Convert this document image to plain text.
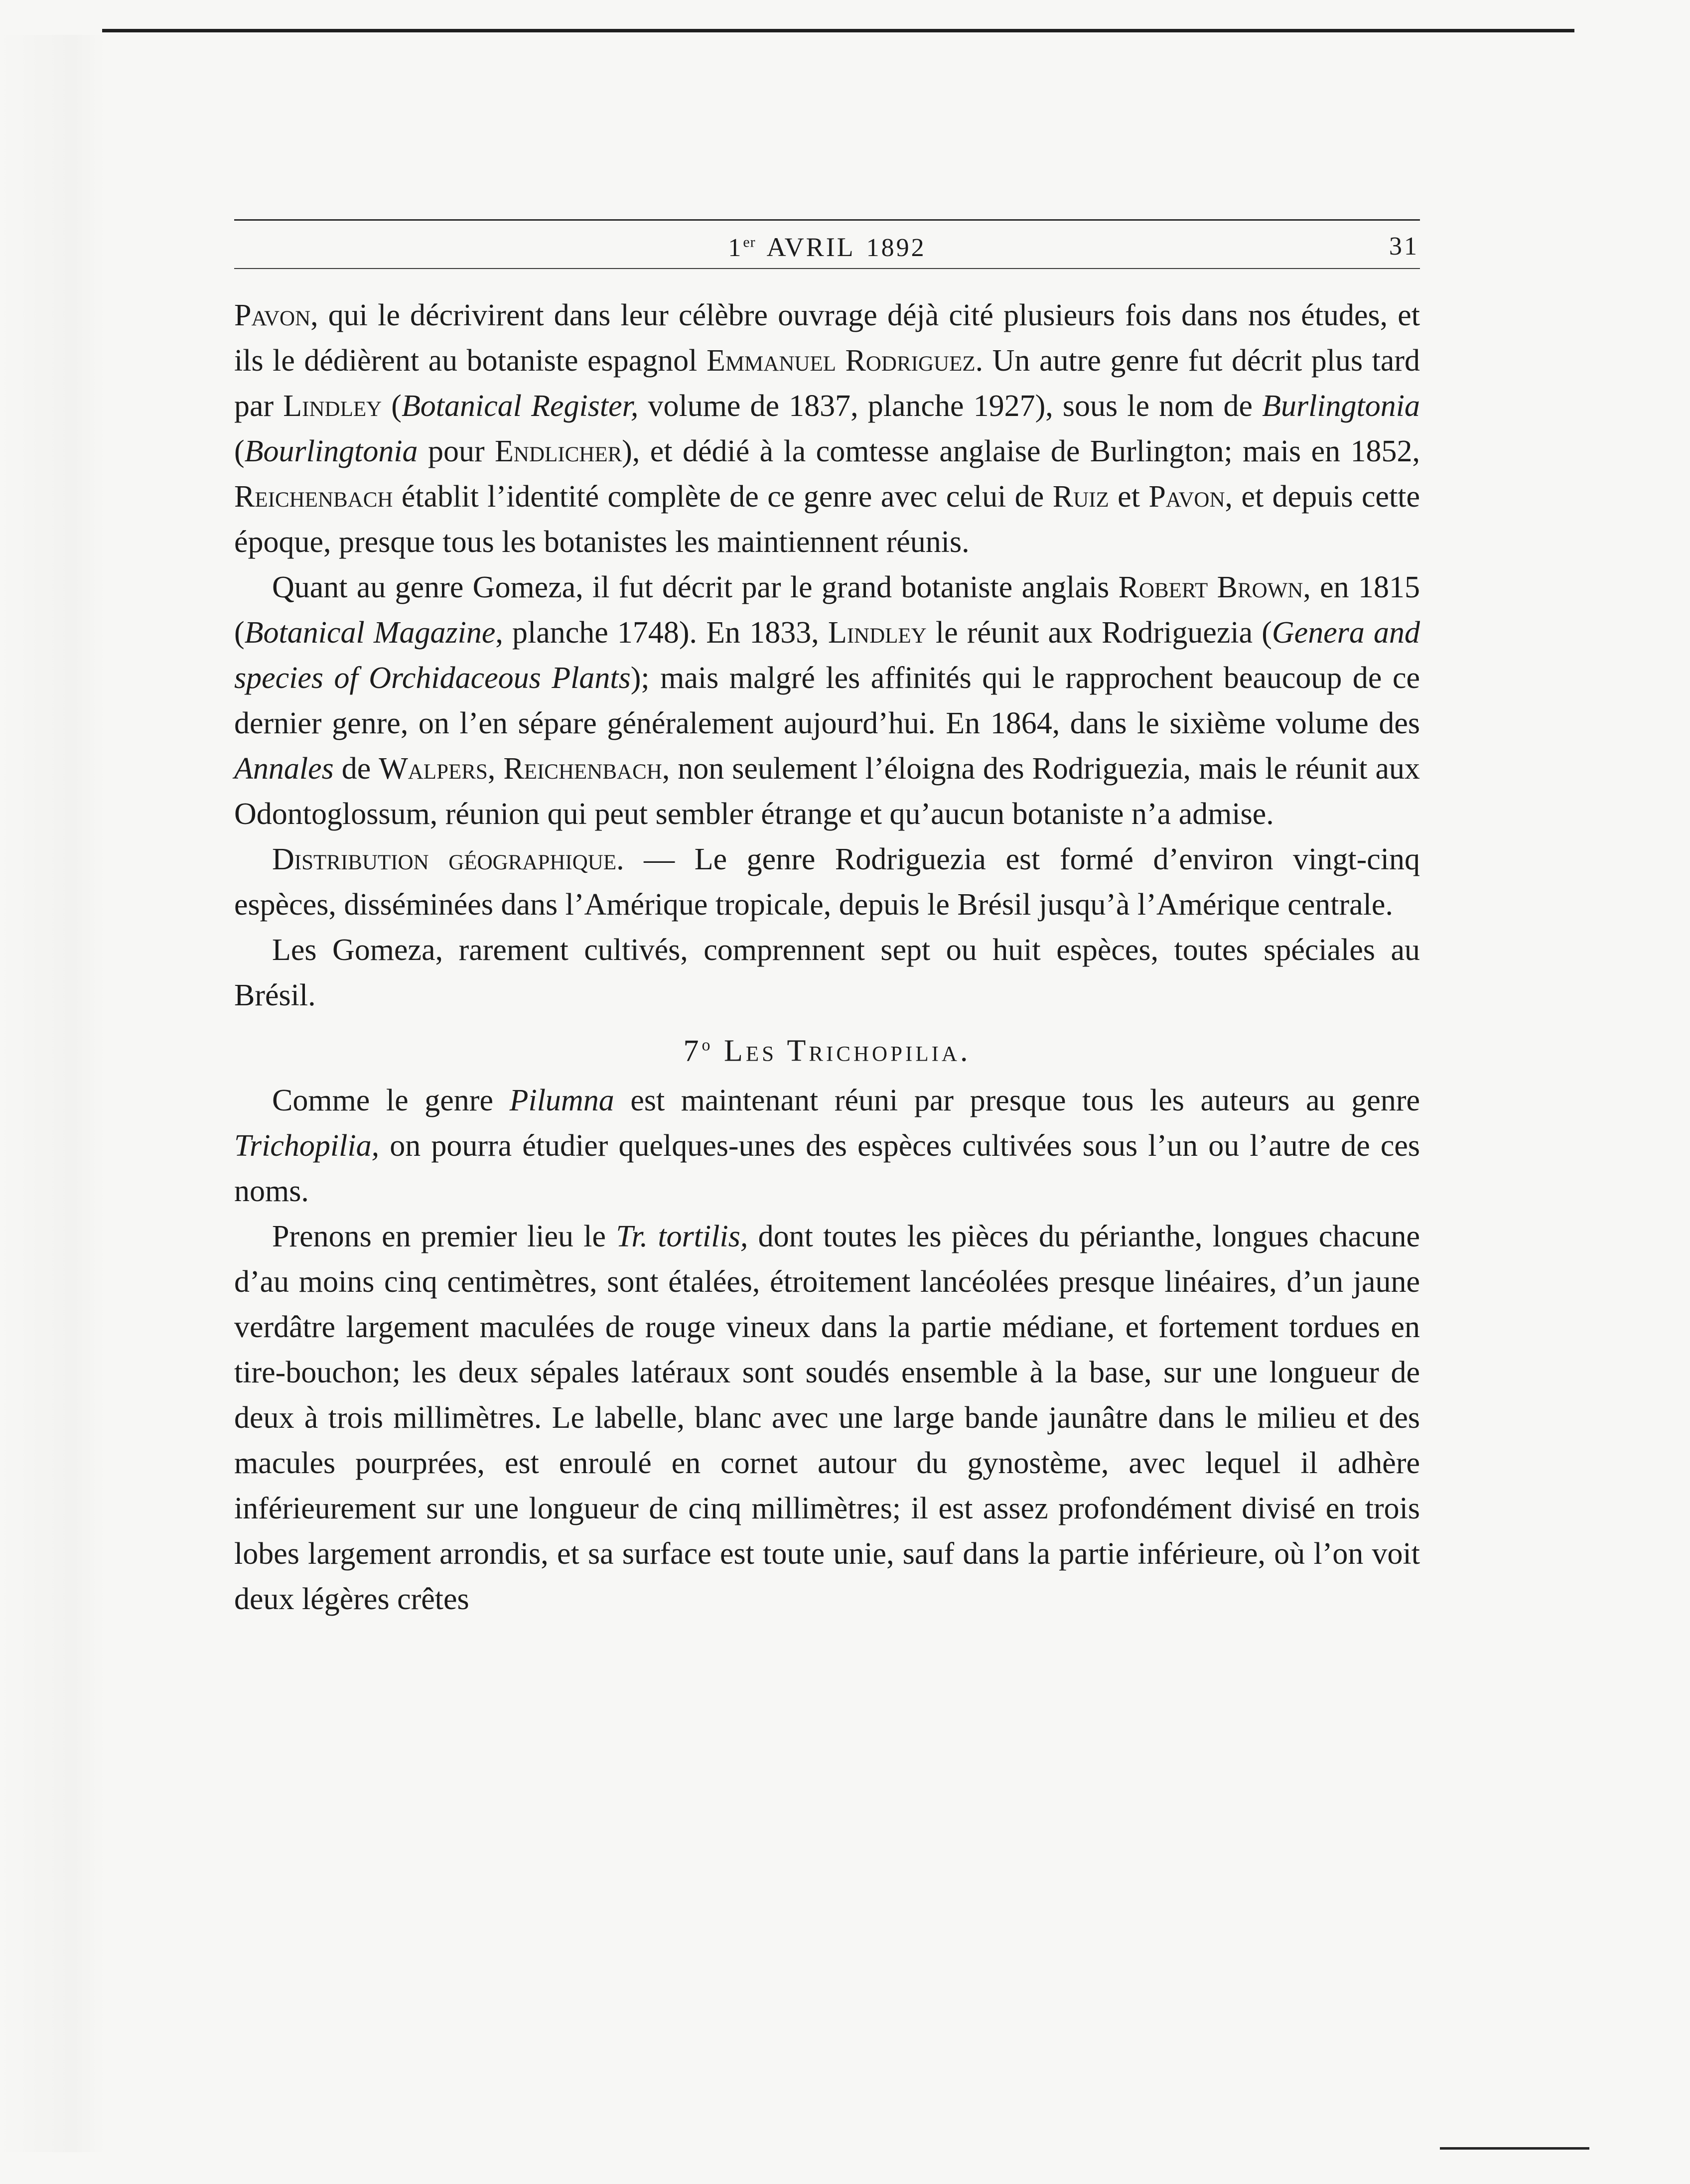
1er AVRIL 1892	31

Pavon, qui le décrivirent dans leur célèbre ouvrage déjà cité plusieurs fois dans nos études, et ils le dédièrent au botaniste espagnol Emmanuel Rodriguez. Un autre genre fut décrit plus tard par Lindley (Botanical Register, volume de 1837, planche 1927), sous le nom de Burlingtonia (Bourlingtonia pour Endlicher), et dédié à la comtesse anglaise de Burlington; mais en 1852, Reichenbach établit l’identité complète de ce genre avec celui de Ruiz et Pavon, et depuis cette époque, presque tous les botanistes les maintiennent réunis.

Quant au genre Gomeza, il fut décrit par le grand botaniste anglais Robert Brown, en 1815 (Botanical Magazine, planche 1748). En 1833, Lindley le réunit aux Rodriguezia (Genera and species of Orchidaceous Plants); mais malgré les affinités qui le rapprochent beaucoup de ce dernier genre, on l’en sépare généralement aujourd’hui. En 1864, dans le sixième volume des Annales de Walpers, Reichenbach, non seulement l’éloigna des Rodriguezia, mais le réunit aux Odontoglossum, réunion qui peut sembler étrange et qu’aucun botaniste n’a admise.

Distribution géographique. — Le genre Rodriguezia est formé d’environ vingt-cinq espèces, disséminées dans l’Amérique tropicale, depuis le Brésil jusqu’à l’Amérique centrale.

Les Gomeza, rarement cultivés, comprennent sept ou huit espèces, toutes spéciales au Brésil.

7$^o$ Les Trichopilia.

Comme le genre Pilumna est maintenant réuni par presque tous les auteurs au genre Trichopilia, on pourra étudier quelques-unes des espèces cultivées sous l’un ou l’autre de ces noms.

Prenons en premier lieu le Tr. tortilis, dont toutes les pièces du périanthe, longues chacune d’au moins cinq centimètres, sont étalées, étroitement lancéolées presque linéaires, d’un jaune verdâtre largement maculées de rouge vineux dans la partie médiane, et fortement tordues en tire-bouchon; les deux sépales latéraux sont soudés ensemble à la base, sur une longueur de deux à trois millimètres. Le labelle, blanc avec une large bande jaunâtre dans le milieu et des macules pourprées, est enroulé en cornet autour du gynostème, avec lequel il adhère inférieurement sur une longueur de cinq millimètres; il est assez profondément divisé en trois lobes largement arrondis, et sa surface est toute unie, sauf dans la partie inférieure, où l’on voit deux légères crêtes
